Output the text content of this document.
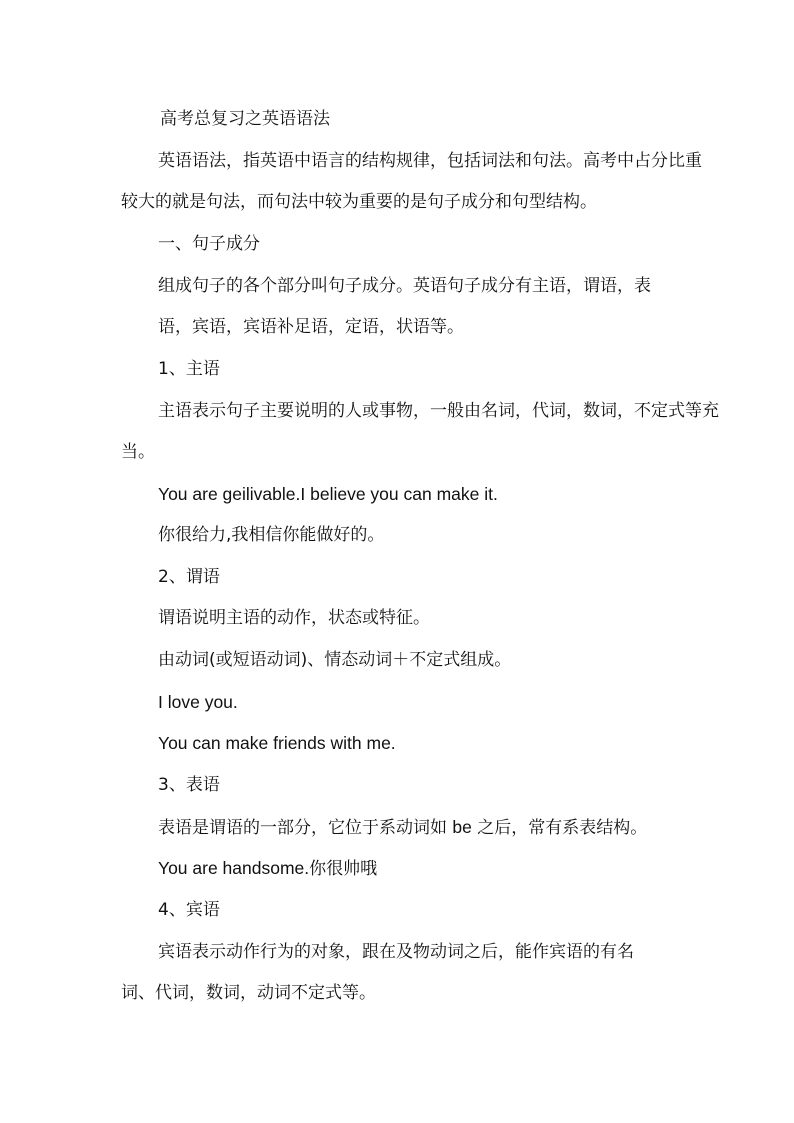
高考总复习之英语语法
英语语法，指英语中语言的结构规律，包括词法和句法。高考中占分比重
较大的就是句法，而句法中较为重要的是句子成分和句型结构。
一、句子成分
组成句子的各个部分叫句子成分。英语句子成分有主语，谓语，表
语，宾语，宾语补足语，定语，状语等。
1、主语
主语表示句子主要说明的人或事物，一般由名词，代词，数词，不定式等充
当。
You are geilivable.I believe you can make it.
你很给力,我相信你能做好的。
2、谓语
谓语说明主语的动作，状态或特征。
由动词(或短语动词)、情态动词＋不定式组成。
I love you.
You can make friends with me.
3、表语
表语是谓语的一部分，它位于系动词如 be 之后，常有系表结构。
You are handsome.你很帅哦
4、宾语
宾语表示动作行为的对象，跟在及物动词之后，能作宾语的有名
词、代词，数词，动词不定式等。
